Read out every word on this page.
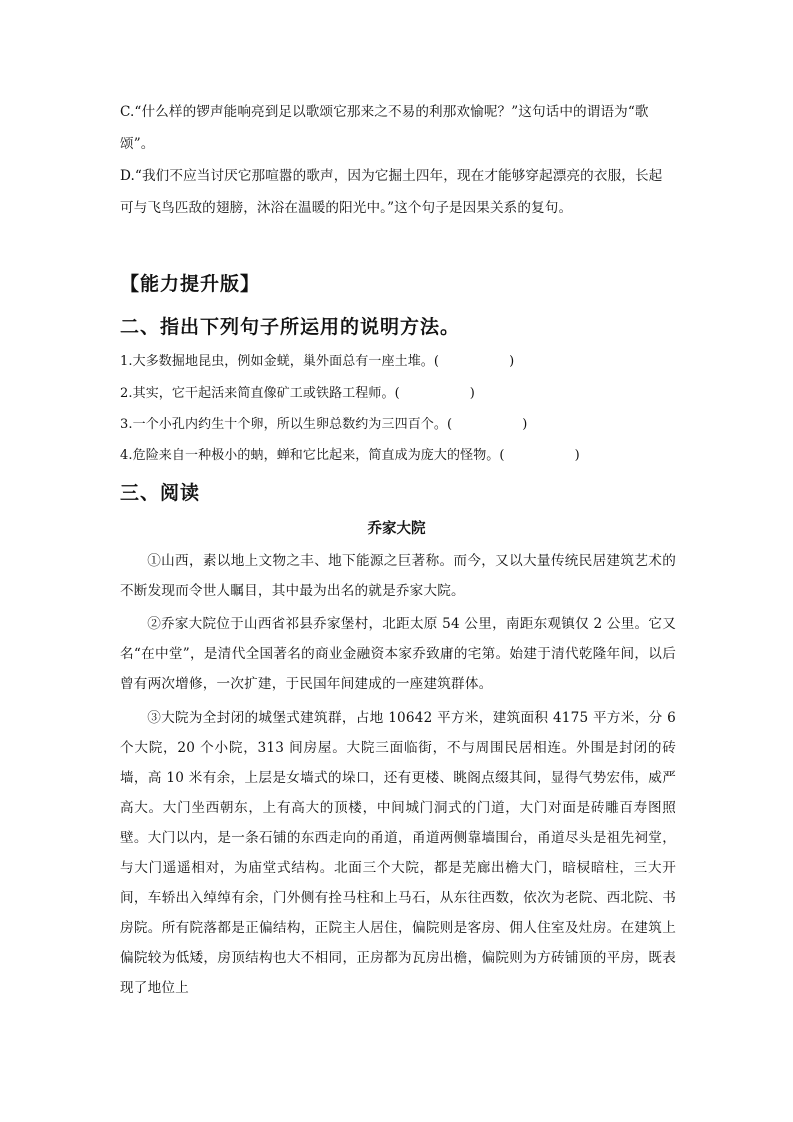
C.“什么样的锣声能响亮到足以歌颂它那来之不易的利那欢愉呢？”这句话中的谓语为“歌
颂”。
D.“我们不应当讨厌它那喧嚣的歌声，因为它掘土四年，现在才能够穿起漂亮的衣服，长起
可与飞鸟匹敌的翅膀，沐浴在温暖的阳光中。”这个句子是因果关系的复句。
【能力提升版】
二、指出下列句子所运用的说明方法。
1.大多数掘地昆虫，例如金蜣，巢外面总有一座土堆。(	)
2.其实，它干起活来简直像矿工或铁路工程师。(	)
3.一个小孔内约生十个卵，所以生卵总数约为三四百个。(	)
4.危险来自一种极小的蚋，蝉和它比起来，简直成为庞大的怪物。(	)
三、阅读
乔家大院
①山西，素以地上文物之丰、地下能源之巨著称。而今，又以大量传统民居建筑艺术的不断发现而令世人瞩目，其中最为出名的就是乔家大院。
②乔家大院位于山西省祁县乔家堡村，北距太原 54 公里，南距东观镇仅 2 公里。它又名“在中堂”，是清代全国著名的商业金融资本家乔致庸的宅第。始建于清代乾隆年间，以后曾有两次增修，一次扩建，于民国年间建成的一座建筑群体。
③大院为全封闭的城堡式建筑群，占地 10642 平方米，建筑面积 4175 平方米，分 6 个大院，20 个小院，313 间房屋。大院三面临街，不与周围民居相连。外围是封闭的砖墙，高 10 米有余，上层是女墙式的垛口，还有更楼、眺阁点缀其间，显得气势宏伟，威严高大。大门坐西朝东，上有高大的顶楼，中间城门洞式的门道，大门对面是砖雕百寿图照壁。大门以内，是一条石铺的东西走向的甬道，甬道两侧靠墙围台，甬道尽头是祖先祠堂，与大门遥遥相对，为庙堂式结构。北面三个大院，都是芜廊出檐大门，暗棂暗柱，三大开间，车轿出入绰绰有余，门外侧有拴马柱和上马石，从东往西数，依次为老院、西北院、书房院。所有院落都是正偏结构，正院主人居住，偏院则是客房、佣人住室及灶房。在建筑上偏院较为低矮，房顶结构也大不相同，正房都为瓦房出檐，偏院则为方砖铺顶的平房，既表现了地位上
